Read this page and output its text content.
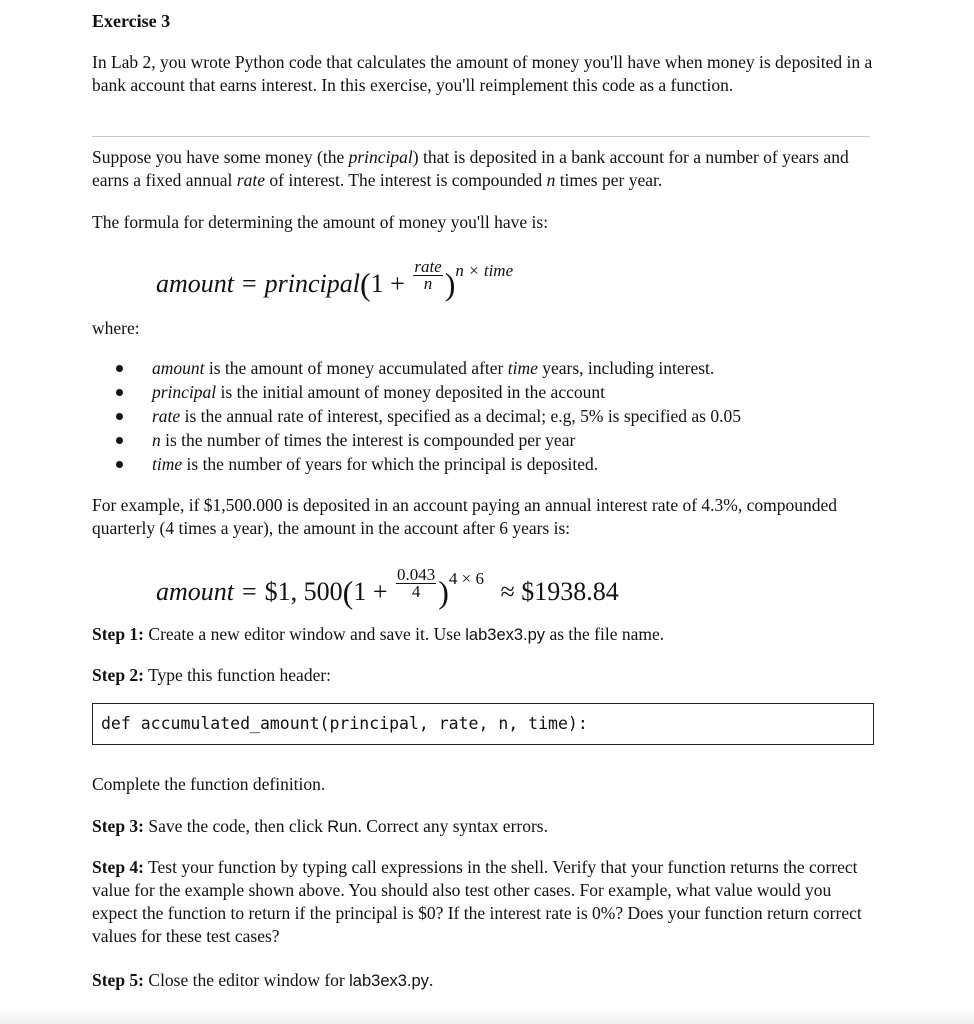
Exercise 3

In Lab 2, you wrote Python code that calculates the amount of money you'll have when money is deposited in a bank account that earns interest. In this exercise, you'll reimplement this code as a function.

Suppose you have some money (the principal) that is deposited in a bank account for a number of years and earns a fixed annual rate of interest. The interest is compounded n times per year.

The formula for determining the amount of money you'll have is:

amount = principal(1 + $\frac{\text{rate}}{n} )^{n \times time}$

where:

amount is the amount of money accumulated after time years, including interest.
principal is the initial amount of money deposited in the account
rate is the annual rate of interest, specified as a decimal; e.g, 5% is specified as 0.05
n is the number of times the interest is compounded per year
time is the number of years for which the principal is deposited.

For example, if $1,500.000 is deposited in an account paying an annual interest rate of 4.3%, compounded quarterly (4 times a year), the amount in the account after 6 years is:

amount = $1, $500(1 + \frac{0.043}{4} )^{4 \times 6}$ ≈ $1938.84

Step 1: Create a new editor window and save it. Use lab3ex3.py as the file name.

Step 2: Type this function header:

def accumulated_amount(principal, rate, n, time):

Complete the function definition.

Step 3: Save the code, then click Run. Correct any syntax errors.

Step 4: Test your function by typing call expressions in the shell. Verify that your function returns the correct value for the example shown above. You should also test other cases. For example, what value would you expect the function to return if the principal is $0? If the interest rate is 0%? Does your function return correct values for these test cases?

Step 5: Close the editor window for lab3ex3.py.
